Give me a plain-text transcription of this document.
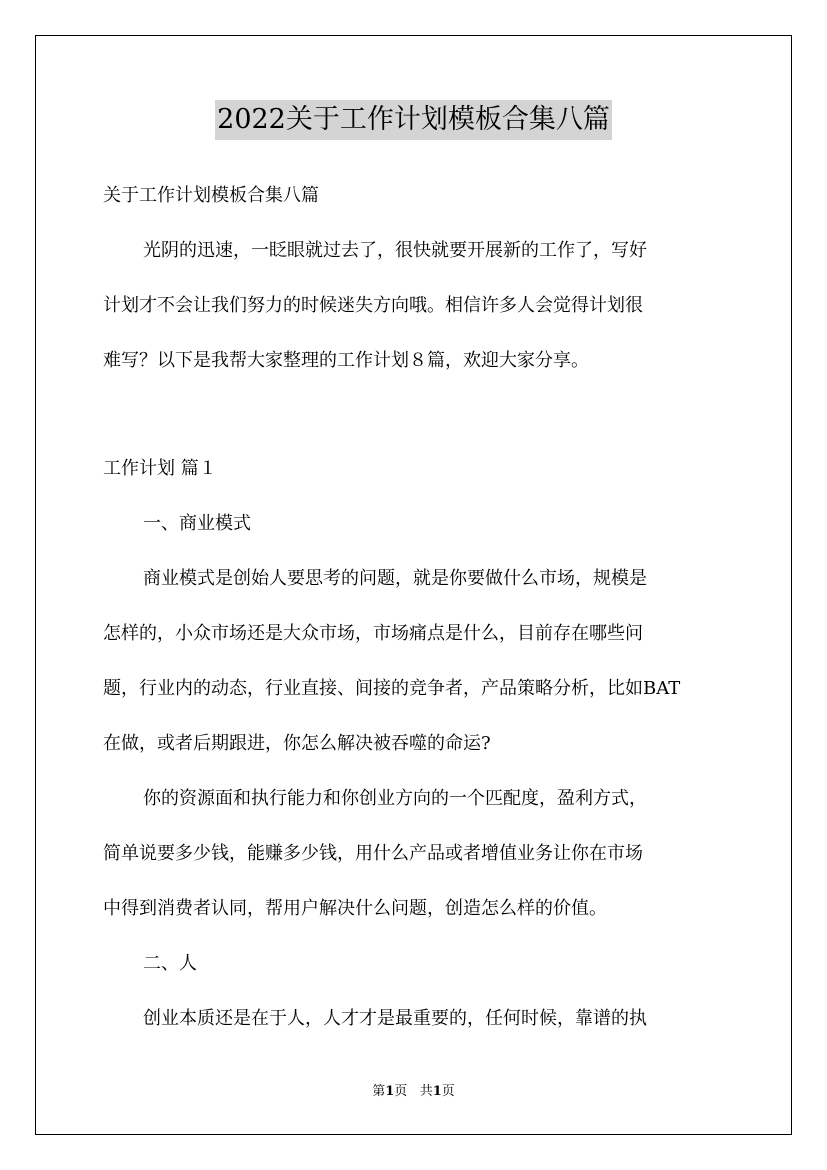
2022关于工作计划模板合集八篇
关于工作计划模板合集八篇
光阴的迅速，一眨眼就过去了，很快就要开展新的工作了，写好
计划才不会让我们努力的时候迷失方向哦。相信许多人会觉得计划很
难写？以下是我帮大家整理的工作计划８篇，欢迎大家分享。
工作计划 篇１
一、商业模式
商业模式是创始人要思考的问题，就是你要做什么市场，规模是
怎样的，小众市场还是大众市场，市场痛点是什么，目前存在哪些问
题，行业内的动态，行业直接、间接的竞争者，产品策略分析，比如BAT
在做，或者后期跟进，你怎么解决被吞噬的命运?
你的资源面和执行能力和你创业方向的一个匹配度，盈利方式，
简单说要多少钱，能赚多少钱，用什么产品或者增值业务让你在市场
中得到消费者认同，帮用户解决什么问题，创造怎么样的价值。
二、人
创业本质还是在于人，人才才是最重要的，任何时候，靠谱的执
第1页 共1页
